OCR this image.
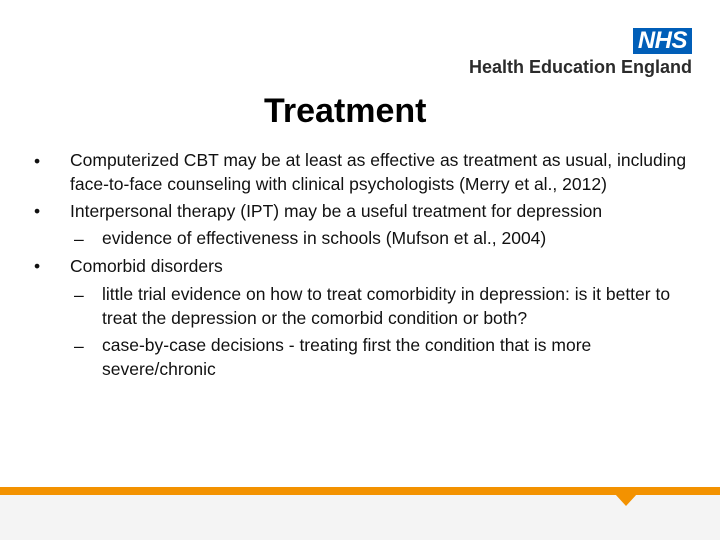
NHS
Health Education England
Treatment
•	Computerized CBT may be at least as effective as treatment as usual, including face-to-face counseling with clinical psychologists (Merry et al., 2012)
•	Interpersonal therapy (IPT) may be a useful treatment for depression
–	evidence of effectiveness in schools (Mufson et al., 2004)
•	Comorbid disorders
–	little trial evidence on how to treat comorbidity in depression: is it better to treat the depression or the comorbid condition or both?
–	case-by-case decisions - treating first the condition that is more severe/chronic
